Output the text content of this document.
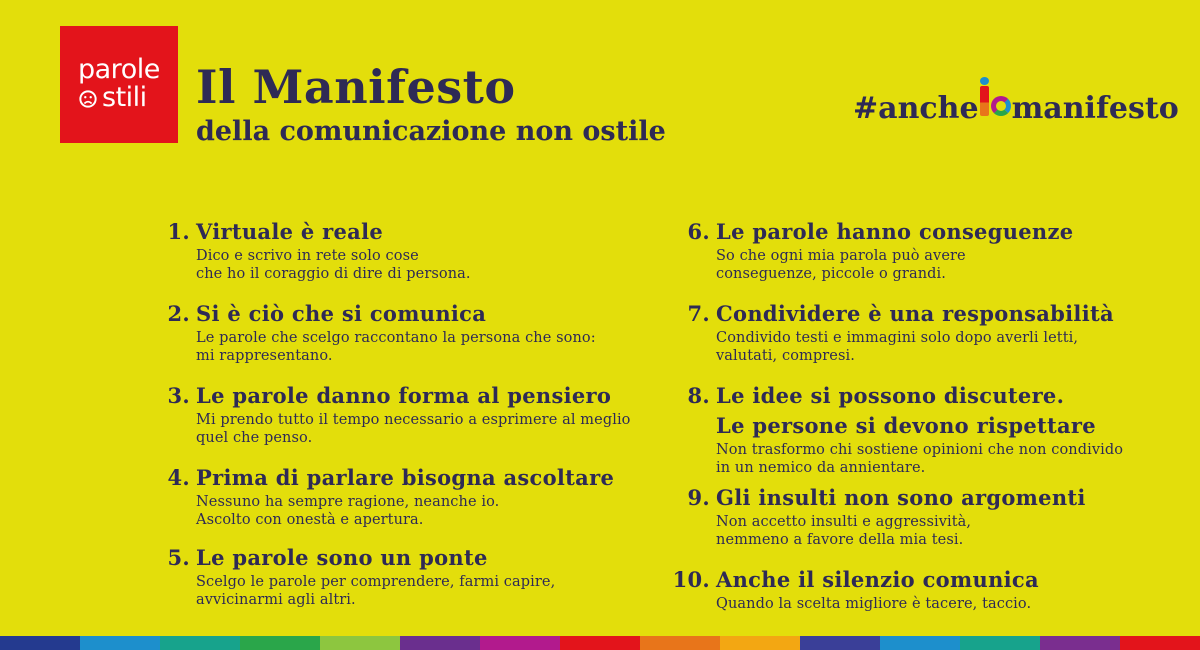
parole
stili Il Manifesto
della comunicazione non ostile
#anche manifesto
1. Virtuale è reale
Dico e scrivo in rete solo cose
che ho il coraggio di dire di persona.
2. Si è ciò che si comunica
Le parole che scelgo raccontano la persona che sono:
mi rappresentano.
3. Le parole danno forma al pensiero
Mi prendo tutto il tempo necessario a esprimere al meglio
quel che penso.
4. Prima di parlare bisogna ascoltare
Nessuno ha sempre ragione, neanche io.
Ascolto con onestà e apertura.
5. Le parole sono un ponte
Scelgo le parole per comprendere, farmi capire,
avvicinarmi agli altri.
6. Le parole hanno conseguenze
So che ogni mia parola può avere
conseguenze, piccole o grandi.
7. Condividere è una responsabilità
Condivido testi e immagini solo dopo averli letti,
valutati, compresi.
8. Le idee si possono discutere.
Le persone si devono rispettare
Non trasformo chi sostiene opinioni che non condivido
in un nemico da annientare.
9. Gli insulti non sono argomenti
Non accetto insulti e aggressività,
nemmeno a favore della mia tesi.
10. Anche il silenzio comunica
Quando la scelta migliore è tacere, taccio.
